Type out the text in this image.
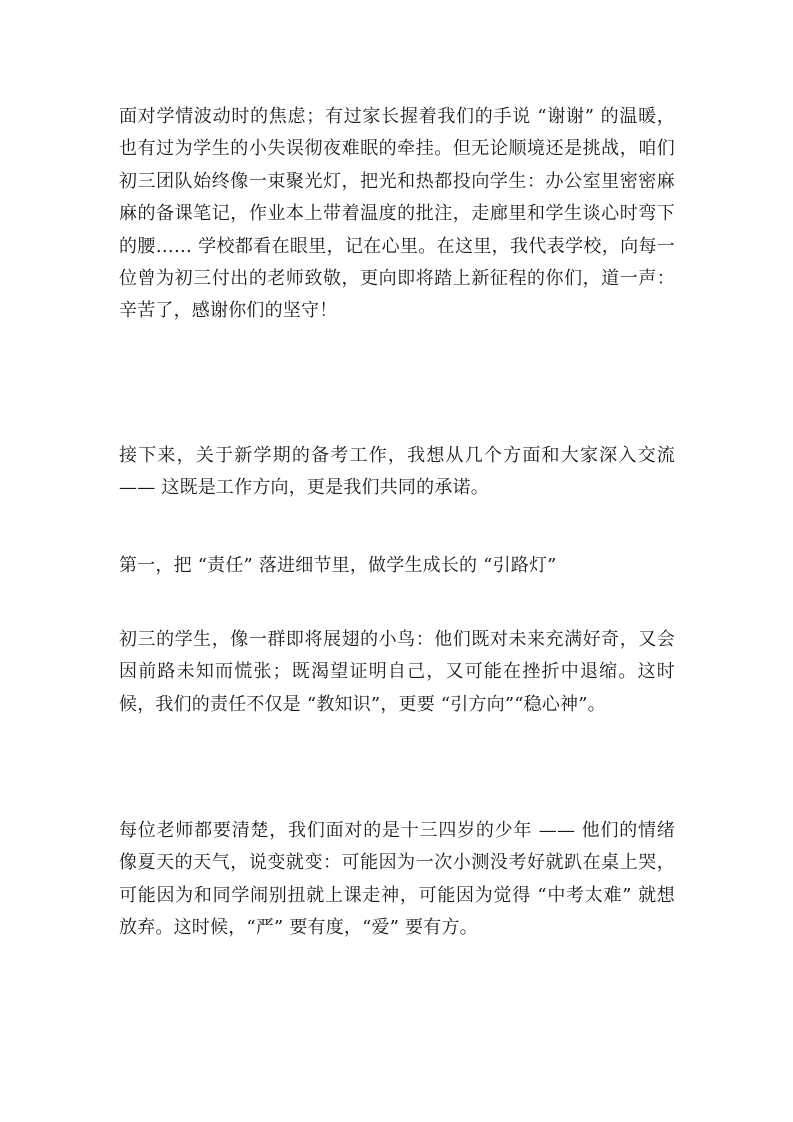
面对学情波动时的焦虑；有过家长握着我们的手说 “谢谢” 的温暖，也有过为学生的小失误彻夜难眠的牵挂。但无论顺境还是挑战，咱们初三团队始终像一束聚光灯，把光和热都投向学生：办公室里密密麻麻的备课笔记，作业本上带着温度的批注，走廊里和学生谈心时弯下的腰…… 学校都看在眼里，记在心里。在这里，我代表学校，向每一位曾为初三付出的老师致敬，更向即将踏上新征程的你们，道一声：辛苦了，感谢你们的坚守！

接下来，关于新学期的备考工作，我想从几个方面和大家深入交流 —— 这既是工作方向，更是我们共同的承诺。

第一，把 “责任” 落进细节里，做学生成长的 “引路灯”

初三的学生，像一群即将展翅的小鸟：他们既对未来充满好奇，又会因前路未知而慌张；既渴望证明自己，又可能在挫折中退缩。这时候，我们的责任不仅是 “教知识”，更要 “引方向”“稳心神”。

每位老师都要清楚，我们面对的是十三四岁的少年 —— 他们的情绪像夏天的天气，说变就变：可能因为一次小测没考好就趴在桌上哭，可能因为和同学闹别扭就上课走神，可能因为觉得 “中考太难” 就想放弃。这时候，“严” 要有度，“爱” 要有方。
